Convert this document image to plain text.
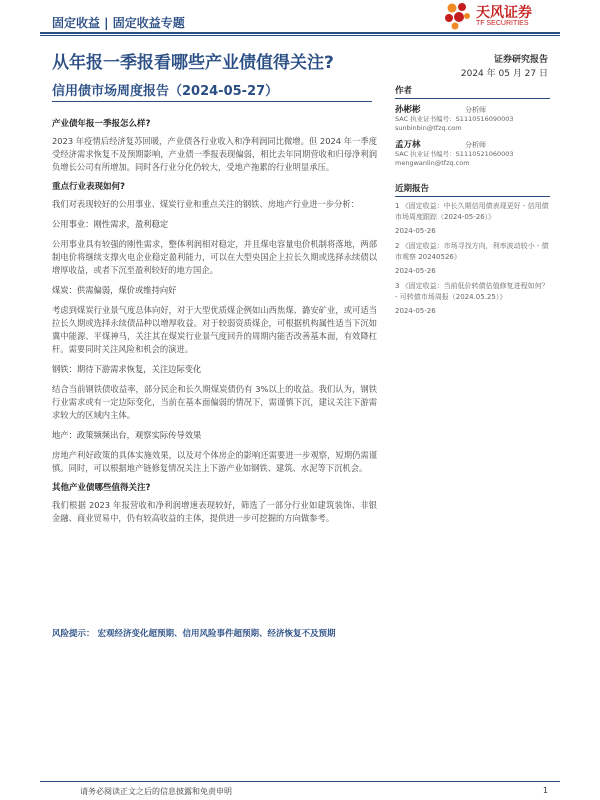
固定收益 | 固定收益专题
天风证券
TF SECURITIES
从年报一季报看哪些产业债值得关注?
信用债市场周度报告（2024-05-27）
证券研究报告
2024 年 05 月 27 日
产业债年报一季报怎么样?

2023 年疫情后经济复苏回暖，产业债各行业收入和净利润同比微增。但 2024 年一季度受经济需求恢复不及预期影响，产业债一季报表现偏弱，相比去年同期营收和归母净利润负增长公司有所增加。同时各行业分化仍较大，受地产拖累的行业明显承压。

重点行业表现如何?

我们对表现较好的公用事业、煤炭行业和重点关注的钢铁、房地产行业进一步分析：

公用事业：刚性需求，盈利稳定

公用事业具有较强的刚性需求，整体利润相对稳定，并且煤电容量电价机制将落地，两部制电价将继续支撑火电企业稳定盈利能力，可以在大型央国企上拉长久期或选择永续债以增厚收益，或者下沉至盈利较好的地方国企。

煤炭：供需偏弱，煤价或维持向好

考虑到煤炭行业景气度总体向好，对于大型优质煤企例如山西焦煤、潞安矿业，或可适当拉长久期或选择永续债品种以增厚收益。对于较弱资质煤企，可根据机构属性适当下沉如冀中能源、平煤神马，关注其在煤炭行业景气度回升的周期内能否改善基本面，有效降杠杆。需要同时关注风险和机会的演进。

钢铁：期待下游需求恢复，关注边际变化

结合当前钢铁债收益率，部分民企和长久期煤炭债仍有 3%以上的收益。我们认为，钢铁行业需求或有一定边际变化，当前在基本面偏弱的情况下，需谨慎下沉，建议关注下游需求较大的区域内主体。

地产：政策频频出台，观察实际传导效果

房地产利好政策的具体实施效果，以及对个体房企的影响还需要进一步观察，短期仍需谨慎。同时，可以根据地产链修复情况关注上下游产业如钢铁、建筑、水泥等下沉机会。

其他产业债哪些值得关注?

我们根据 2023 年报营收和净利润增速表现较好，筛选了一部分行业如建筑装饰、非银金融、商业贸易中，仍有较高收益的主体，提供进一步可挖掘的方向做参考。

风险提示： 宏观经济变化超预期、信用风险事件超预期、经济恢复不及预期
作者
孙彬彬	分析师
SAC 执业证书编号：S1110516090003
sunbinbin@tfzq.com
孟万林	分析师
SAC 执业证书编号：S1110521060003
mengwanlin@tfzq.com
近期报告
1 《固定收益：中长久期信用债表现更好 - 信用债市场周度跟踪（2024-05-26）》
2024-05-26
2 《固定收益：市场寻找方向，利率波动较小 - 债市观察 20240526》
2024-05-26
3 《固定收益：当前低价转债估值修复进程如何？ - 可转债市场周报（2024.05.25）》
2024-05-26
请务必阅读正文之后的信息披露和免责申明	1
